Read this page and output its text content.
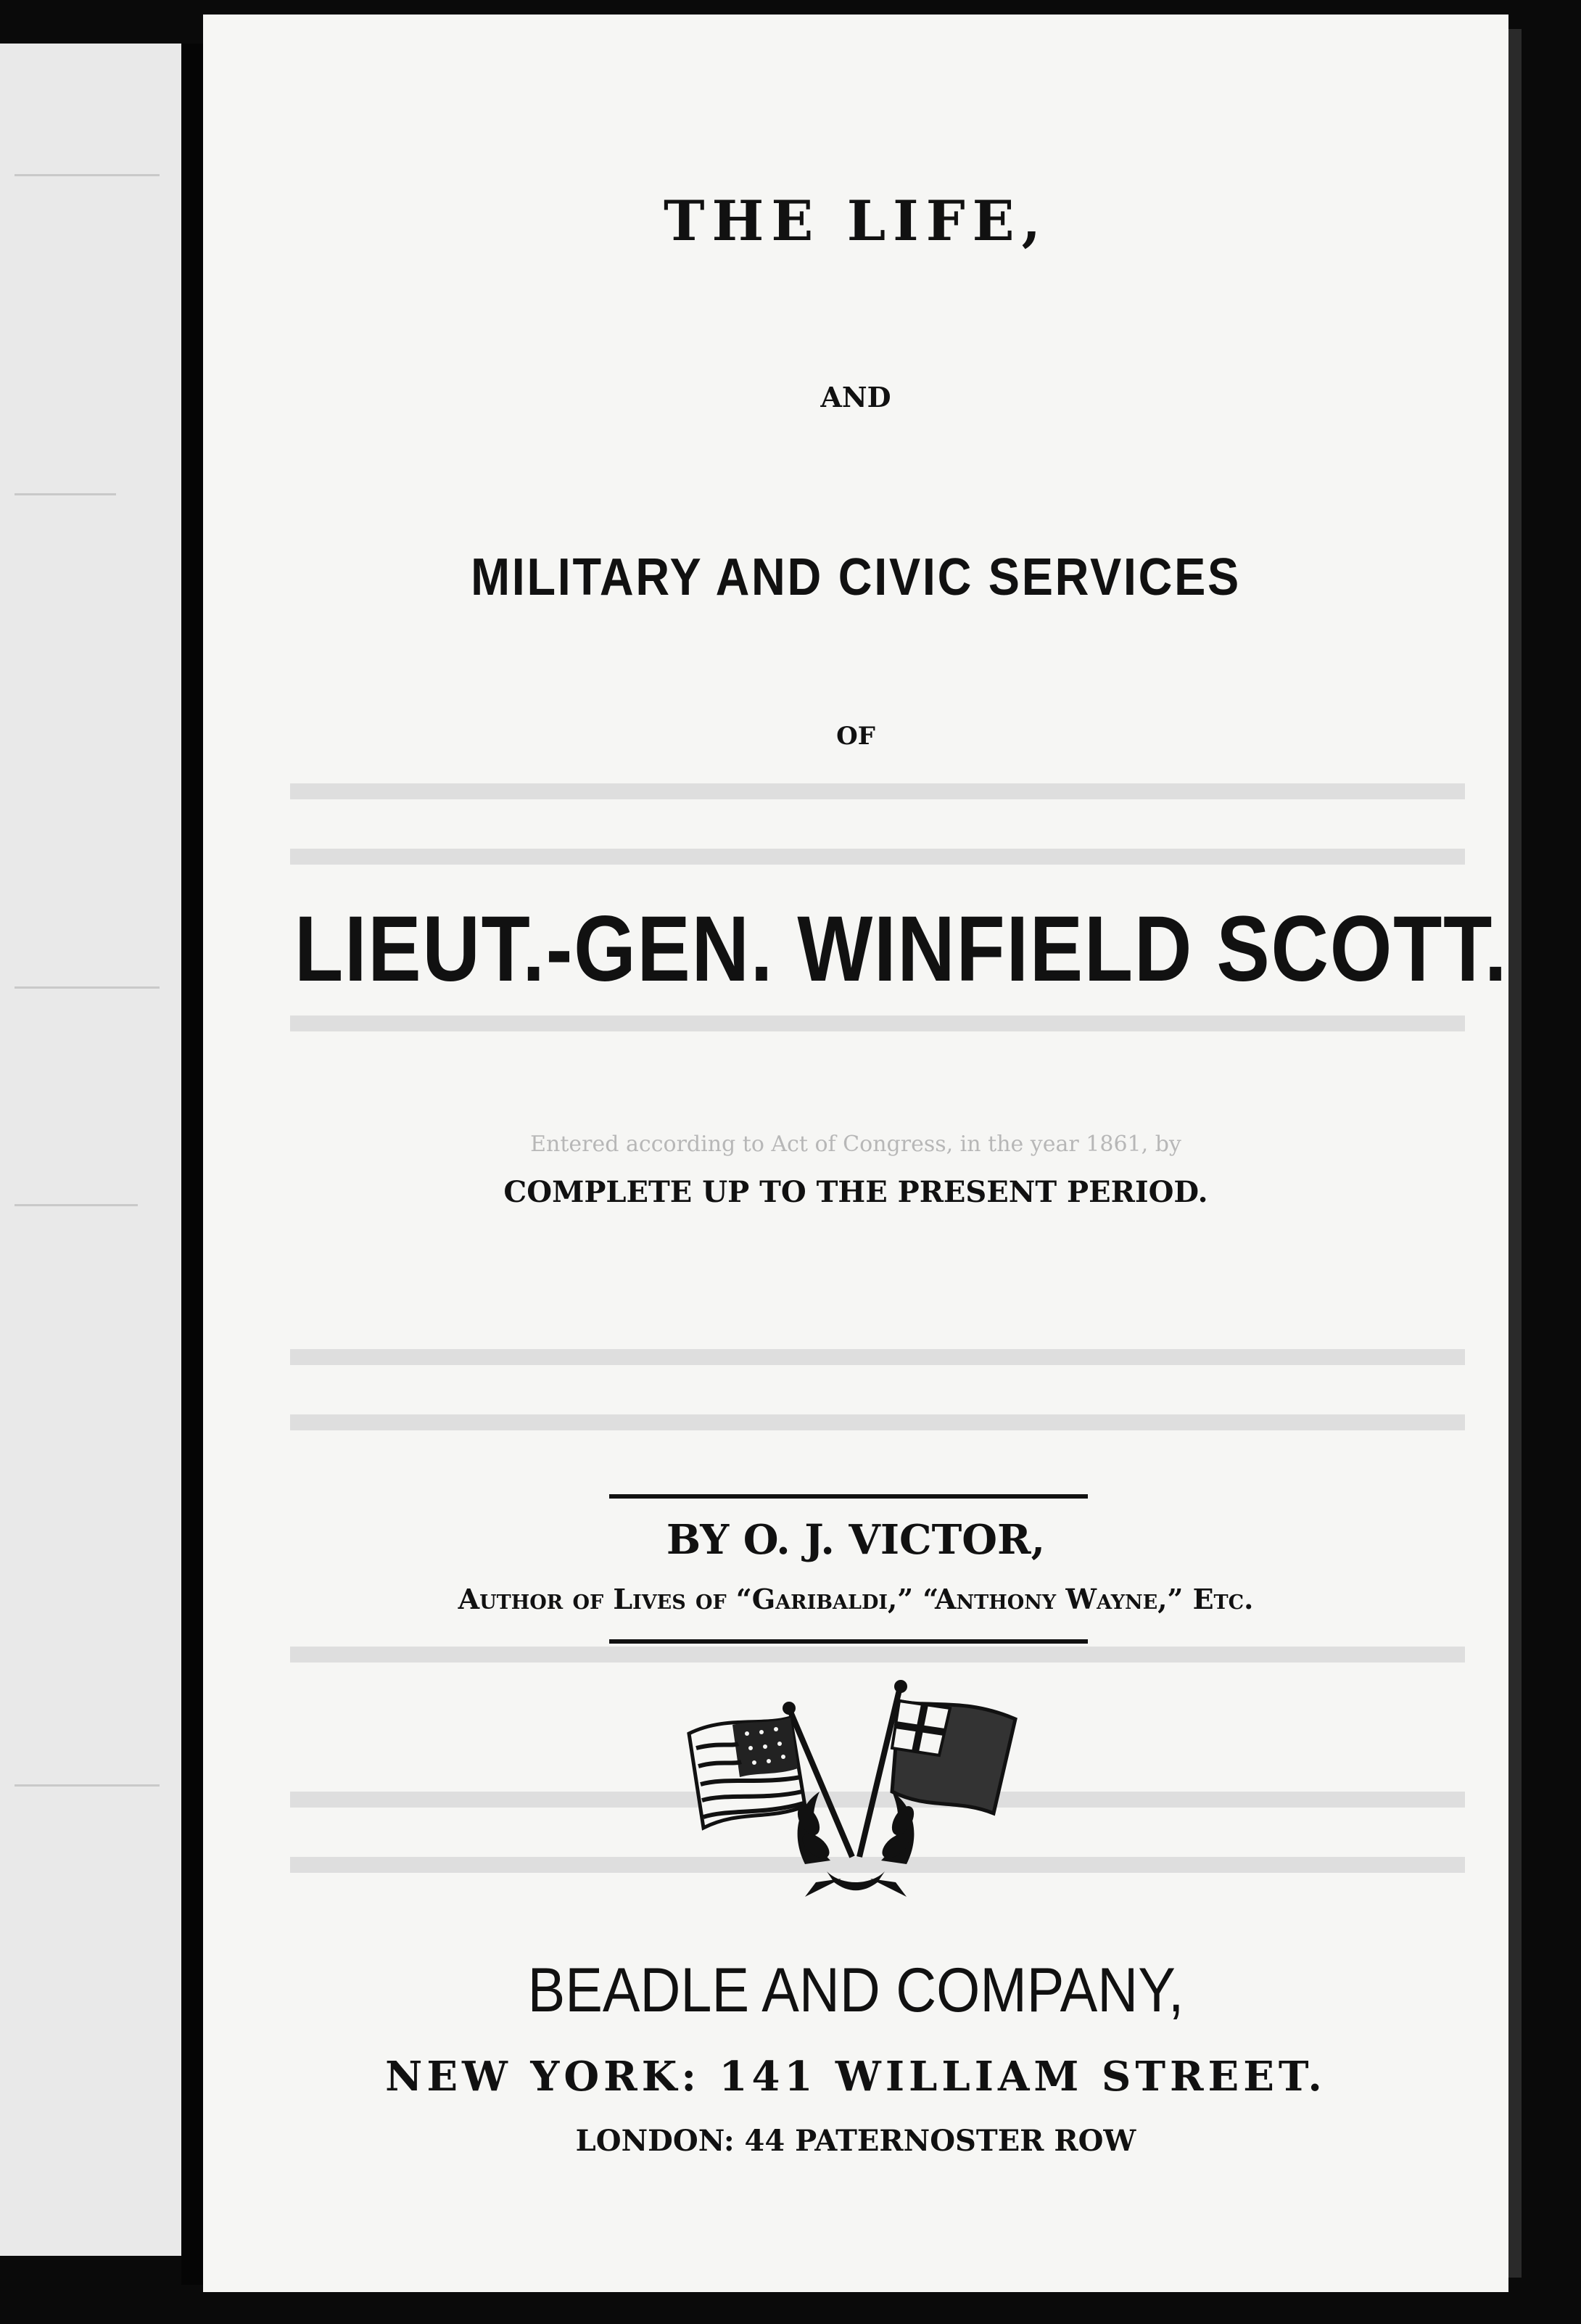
THE LIFE,

AND

MILITARY AND CIVIC SERVICES

OF

LIEUT.-GEN. WINFIELD SCOTT.

Entered according to Act of Congress, in the year 1861, by

COMPLETE UP TO THE PRESENT PERIOD.

BY O. J. VICTOR,

Author of Lives of “Garibaldi,” “Anthony Wayne,” Etc.

BEADLE AND COMPANY,

NEW YORK: 141 WILLIAM STREET.

LONDON: 44 PATERNOSTER ROW
